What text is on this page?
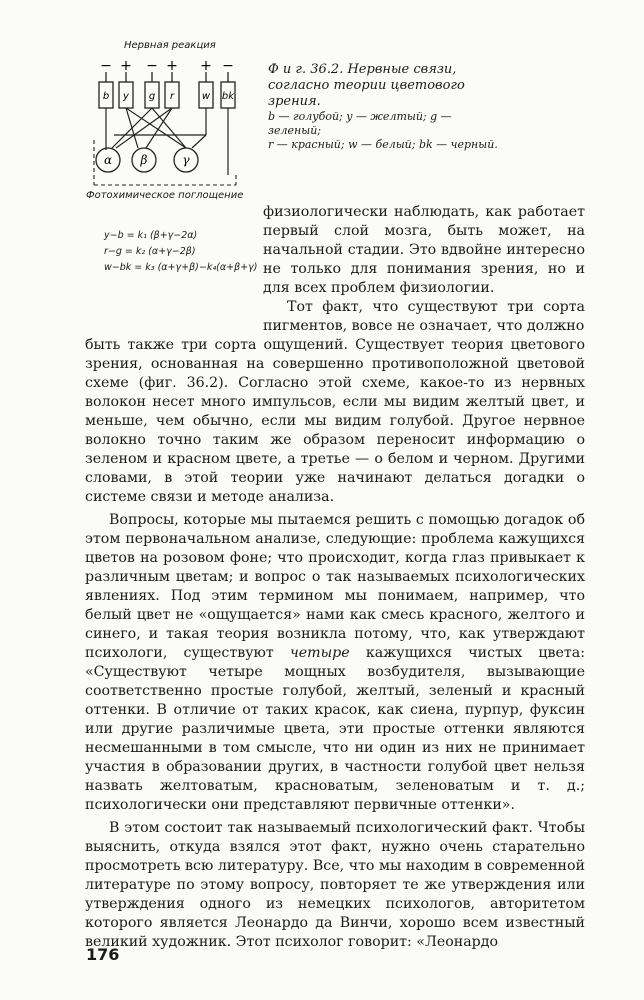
Нервная реакция
− + − + + −
b y g r	w bk
α β	γ
Фотохимическое поглощение
y−b = k₁ (β+γ−2α)
r−g = k₂ (α+γ−2β)
w−bk = k₃ (α+γ+β)−k₄(α+β+γ)
Ф и г. 36.2. Нервные связи, согласно теории цветового зрения.
b — голубой; y — желтый; g — зеленый;
r — красный; w — белый; bk — черный.

физиологически наблюдать, как работает первый слой мозга, быть может, на начальной стадии. Это вдвойне интересно не только для понимания зрения, но и для всех проблем физиологии.

Тот факт, что существуют три сорта пигментов, вовсе не означает, что должно

быть также три сорта ощущений. Существует теория цветового зрения, основанная на совершенно противоположной цветовой схеме (фиг. 36.2). Согласно этой схеме, какое-то из нервных волокон несет много импульсов, если мы видим желтый цвет, и меньше, чем обычно, если мы видим голубой. Другое нервное волокно точно таким же образом переносит информацию о зеленом и красном цвете, а третье — о белом и черном. Другими словами, в этой теории уже начинают делаться догадки о системе связи и методе анализа.

Вопросы, которые мы пытаемся решить с помощью догадок об этом первоначальном анализе, следующие: проблема кажущихся цветов на розовом фоне; что происходит, когда глаз привыкает к различным цветам; и вопрос о так называемых психологических явлениях. Под этим термином мы понимаем, например, что белый цвет не «ощущается» нами как смесь красного, желтого и синего, и такая теория возникла потому, что, как утверждают психологи, существуют четыре кажущихся чистых цвета: «Существуют четыре мощных возбудителя, вызывающие соответственно простые голубой, желтый, зеленый и красный оттенки. В отличие от таких красок, как сиена, пурпур, фуксин или другие различимые цвета, эти простые оттенки являются несмешанными в том смысле, что ни один из них не принимает участия в образовании других, в частности голубой цвет нельзя назвать желтоватым, красноватым, зеленоватым и т. д.; психологически они представляют первичные оттенки».

В этом состоит так называемый психологический факт. Чтобы выяснить, откуда взялся этот факт, нужно очень старательно просмотреть всю литературу. Все, что мы находим в современной литературе по этому вопросу, повторяет те же утверждения или утверждения одного из немецких психологов, авторитетом которого является Леонардо да Винчи, хорошо всем известный великий художник. Этот психолог говорит: «Леонардо

176
